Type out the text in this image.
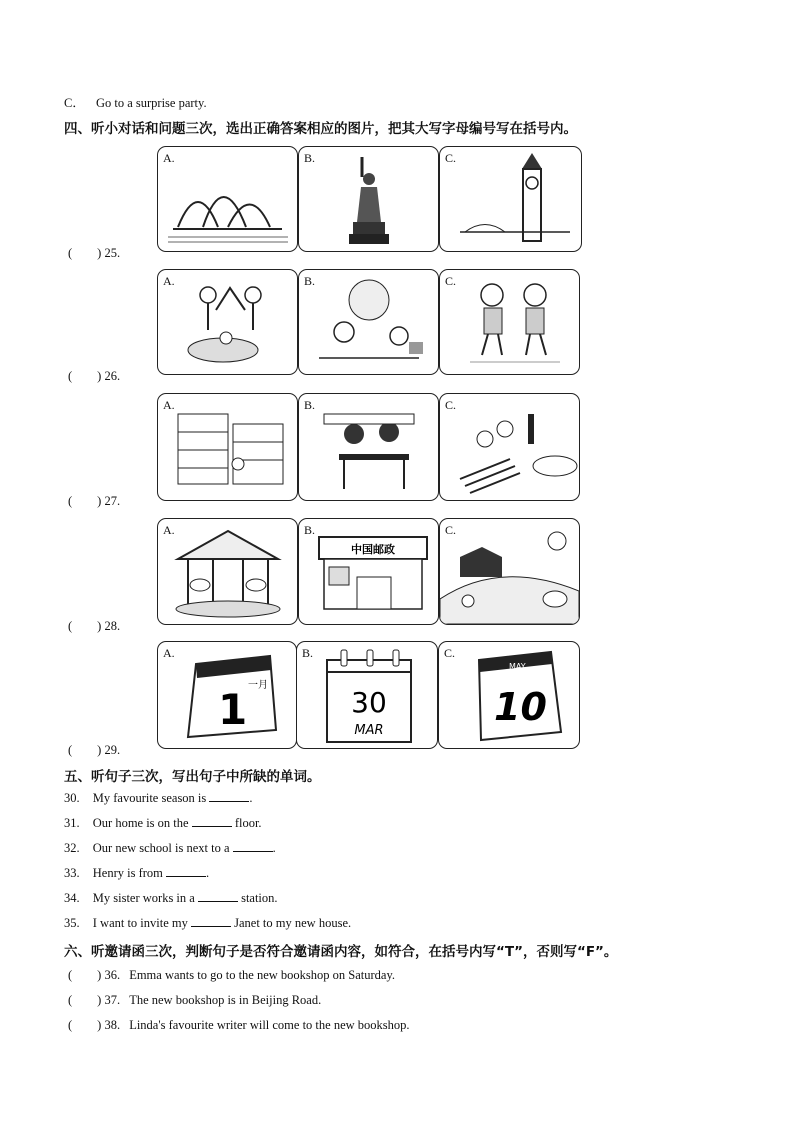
C． Go to a surprise party.
四、听小对话和问题三次，选出正确答案相应的图片，把其大写字母编号写在括号内。
(　　) 25.
A.	B.	C.
(　　) 26.
A.	B.	C.
(　　) 27.
A.	B.	C.
(　　) 28.
A.	B.
中国邮政
C.
(　　) 29.
A.
一月
1
B.
30
MAR
C.
MAY
10
五、听句子三次，写出句子中所缺的单词。
30. My favourite season is	.
31. Our home is on the	floor.
32. Our new school is next to a	.
33. Henry is from	.
34. My sister works in a	station.
35. I want to invite my	Janet to my new house.
六、听邀请函三次，判断句子是否符合邀请函内容，如符合，在括号内写“T”，否则写“F”。
(　　) 36. Emma wants to go to the new bookshop on Saturday.
(　　) 37. The new bookshop is in Beijing Road.
(　　) 38. Linda's favourite writer will come to the new bookshop.
